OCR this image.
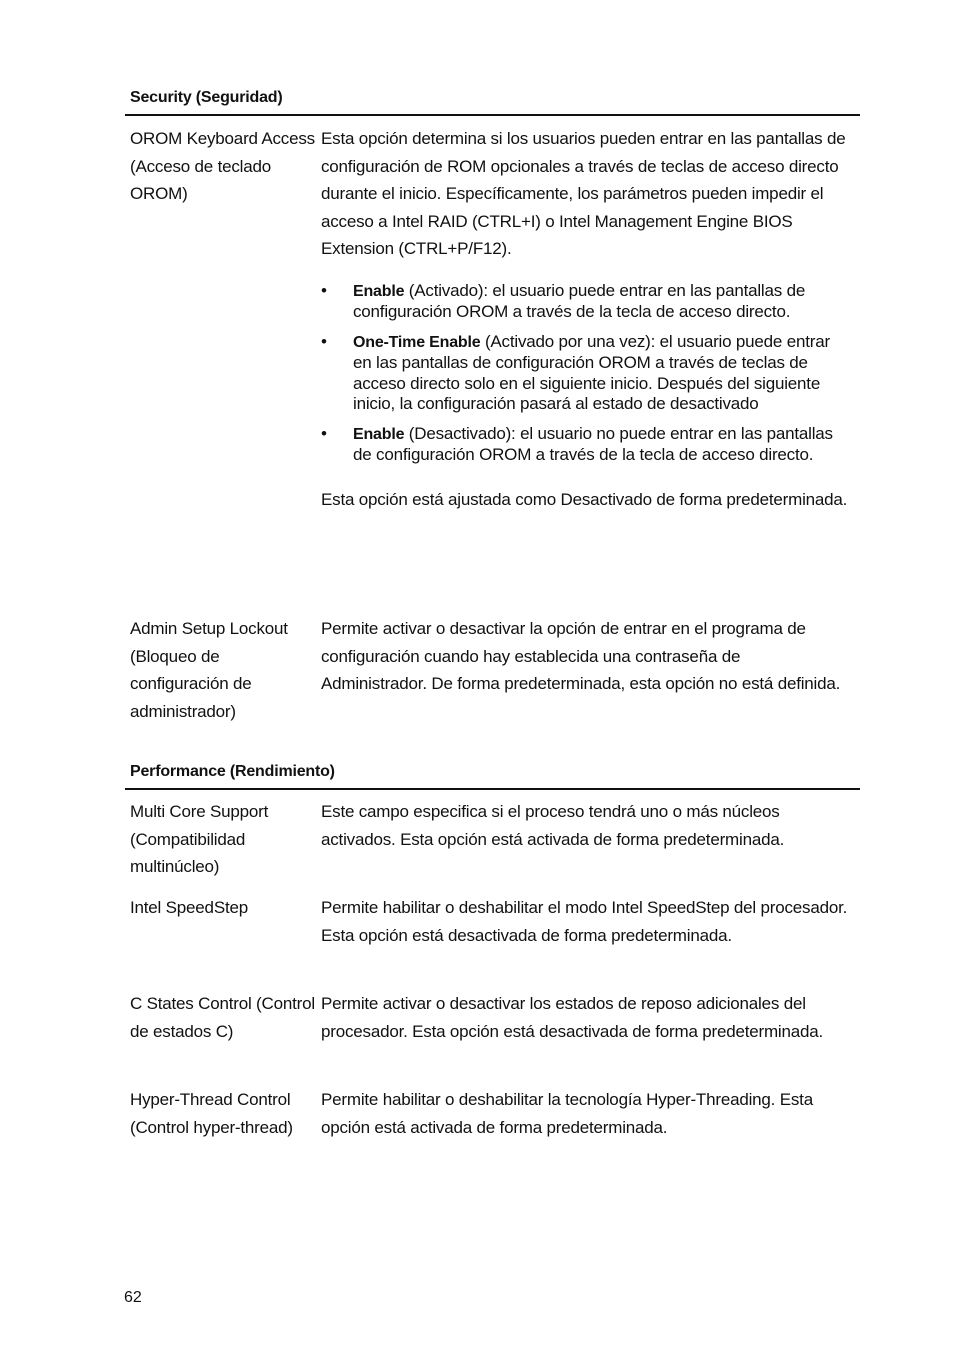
Security (Seguridad)
OROM Keyboard Access (Acceso de teclado OROM)

Esta opción determina si los usuarios pueden entrar en las pantallas de configuración de ROM opcionales a través de teclas de acceso directo durante el inicio. Específicamente, los parámetros pueden impedir el acceso a Intel RAID (CTRL+I) o Intel Management Engine BIOS Extension (CTRL+P/F12).

• Enable (Activado): el usuario puede entrar en las pantallas de configuración OROM a través de la tecla de acceso directo.
• One-Time Enable (Activado por una vez): el usuario puede entrar en las pantallas de configuración OROM a través de teclas de acceso directo solo en el siguiente inicio. Después del siguiente inicio, la configuración pasará al estado de desactivado
• Enable (Desactivado): el usuario no puede entrar en las pantallas de configuración OROM a través de la tecla de acceso directo.

Esta opción está ajustada como Desactivado de forma predeterminada.

Admin Setup Lockout (Bloqueo de configuración de administrador)
Permite activar o desactivar la opción de entrar en el programa de configuración cuando hay establecida una contraseña de Administrador. De forma predeterminada, esta opción no está definida.
Performance (Rendimiento)
Multi Core Support (Compatibilidad multinúcleo)
Este campo especifica si el proceso tendrá uno o más núcleos activados. Esta opción está activada de forma predeterminada.
Intel SpeedStep	Permite habilitar o deshabilitar el modo Intel SpeedStep del procesador. Esta opción está desactivada de forma predeterminada.
C States Control (Control de estados C)
Permite activar o desactivar los estados de reposo adicionales del procesador. Esta opción está desactivada de forma predeterminada.
Hyper-Thread Control (Control hyper-thread)
Permite habilitar o deshabilitar la tecnología Hyper-Threading. Esta opción está activada de forma predeterminada.
62
